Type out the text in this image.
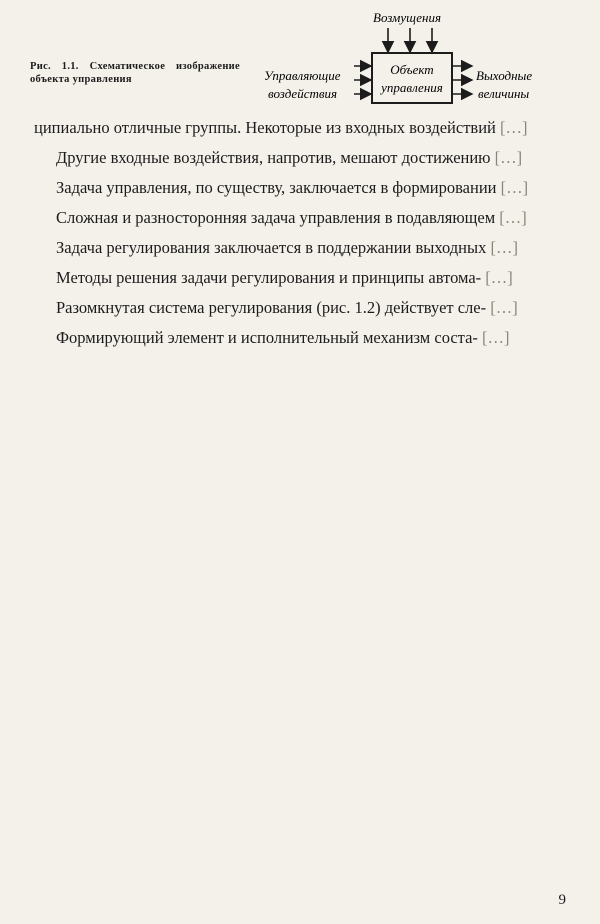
Рис. 1.1. Схематическое изображение объекта управления
Возмущения
Объект
управления
Управляющие
воздействия
Выходные
величины

ципиально отличные группы. Некоторые из входных воздействий […]

Другие входные воздействия, напротив, мешают достижению […]

Задача управления, по существу, заключается в формировании […]

Сложная и разносторонняя задача управления в подавляющем […]

Задача регулирования заключается в поддержании выходных […]

Методы решения задачи регулирования и принципы автома- […]

Разомкнутая система регулирования (рис. 1.2) действует сле- […]

Формирующий элемент и исполнительный механизм соста- […]

9
